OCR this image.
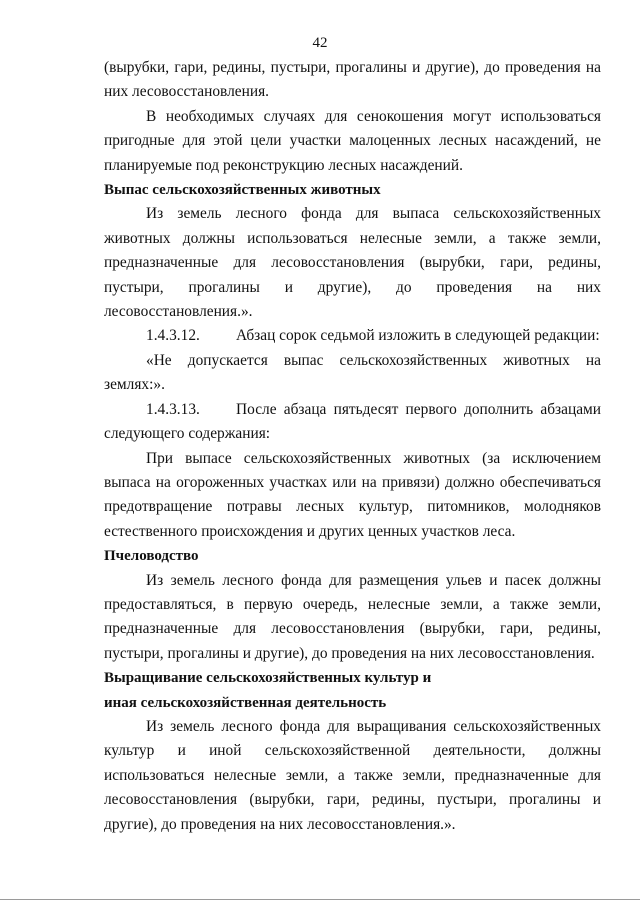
42

(вырубки, гари, редины, пустыри, прогалины и другие), до проведения на них лесовосстановления.

В необходимых случаях для сенокошения могут использоваться пригодные для этой цели участки малоценных лесных насаждений, не планируемые под реконструкцию лесных насаждений.

Выпас сельскохозяйственных животных

Из земель лесного фонда для выпаса сельскохозяйственных животных должны использоваться нелесные земли, а также земли, предназначенные для лесовосстановления (вырубки, гари, редины, пустыри, прогалины и другие), до проведения на них лесовосстановления.».

1.4.3.12. Абзац сорок седьмой изложить в следующей редакции:

«Не допускается выпас сельскохозяйственных животных на землях:».

1.4.3.13. После абзаца пятьдесят первого дополнить абзацами следующего содержания:

При выпасе сельскохозяйственных животных (за исключением выпаса на огороженных участках или на привязи) должно обеспечиваться предотвращение потравы лесных культур, питомников, молодняков естественного происхождения и других ценных участков леса.

Пчеловодство

Из земель лесного фонда для размещения ульев и пасек должны предоставляться, в первую очередь, нелесные земли, а также земли, предназначенные для лесовосстановления (вырубки, гари, редины, пустыри, прогалины и другие), до проведения на них лесовосстановления.

Выращивание сельскохозяйственных культур и

иная сельскохозяйственная деятельность

Из земель лесного фонда для выращивания сельскохозяйственных культур и иной сельскохозяйственной деятельности, должны использоваться нелесные земли, а также земли, предназначенные для лесовосстановления (вырубки, гари, редины, пустыри, прогалины и другие), до проведения на них лесовосстановления.».
